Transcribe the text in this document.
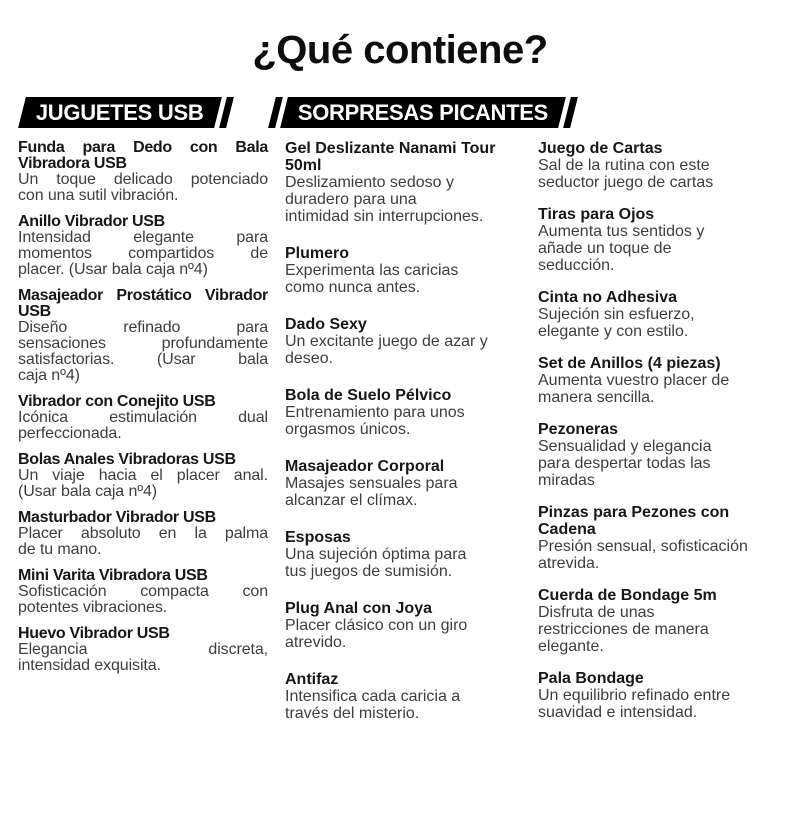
¿Qué contiene?
JUGUETES USB	SORPRESAS PICANTES
Funda para Dedo con Bala
Vibradora USB
Un toque delicado potenciado
con una sutil vibración.
Anillo Vibrador USB
Intensidad elegante para
momentos compartidos de
placer. (Usar bala caja nº4)
Masajeador Prostático Vibrador
USB
Diseño refinado para
sensaciones profundamente
satisfactorias. (Usar bala
caja nº4)
Vibrador con Conejito USB
Icónica estimulación dual
perfeccionada.
Bolas Anales Vibradoras USB
Un viaje hacia el placer anal.
(Usar bala caja nº4)
Masturbador Vibrador USB
Placer absoluto en la palma
de tu mano.
Mini Varita Vibradora USB
Sofisticación compacta con
potentes vibraciones.
Huevo Vibrador USB
Elegancia discreta,
intensidad exquisita.
Gel Deslizante Nanami Tour
50ml
Deslizamiento sedoso y
duradero para una
intimidad sin interrupciones.
Plumero
Experimenta las caricias
como nunca antes.
Dado Sexy
Un excitante juego de azar y
deseo.
Bola de Suelo Pélvico
Entrenamiento para unos
orgasmos únicos.
Masajeador Corporal
Masajes sensuales para
alcanzar el clímax.
Esposas
Una sujeción óptima para
tus juegos de sumisión.
Plug Anal con Joya
Placer clásico con un giro
atrevido.
Antifaz
Intensifica cada caricia a
través del misterio.
Juego de Cartas
Sal de la rutina con este
seductor juego de cartas
Tiras para Ojos
Aumenta tus sentidos y
añade un toque de
seducción.
Cinta no Adhesiva
Sujeción sin esfuerzo,
elegante y con estilo.
Set de Anillos (4 piezas)
Aumenta vuestro placer de
manera sencilla.
Pezoneras
Sensualidad y elegancia
para despertar todas las
miradas
Pinzas para Pezones con
Cadena
Presión sensual, sofisticación
atrevida.
Cuerda de Bondage 5m
Disfruta de unas
restricciones de manera
elegante.
Pala Bondage
Un equilibrio refinado entre
suavidad e intensidad.
